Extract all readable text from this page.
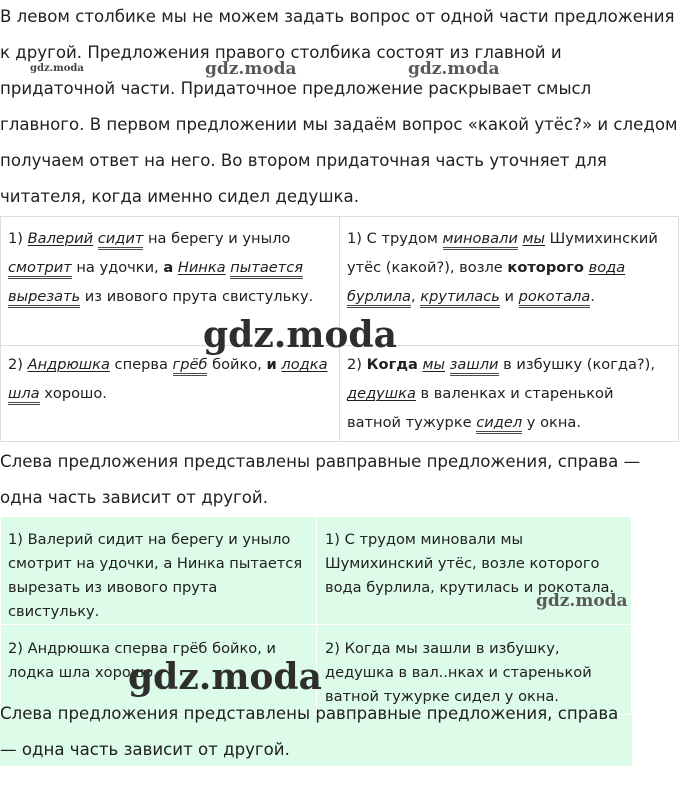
В левом столбике мы не можем задать вопрос от одной части предложения к другой. Предложения правого столбика состоят из главной и придаточной части. Придаточное предложение раскрывает смысл главного. В первом предложении мы задаём вопрос «какой утёс?» и следом получаем ответ на него. Во втором придаточная часть уточняет для читателя, когда именно сидел дедушка.

1) Валерий сидит на берегу и уныло смотрит на удочки, а Нинка пытается вырезать из ивового прута свистульку.	1) С трудом миновали мы Шумихинский утёс (какой?), возле которого вода бурлила, крутилась и рокотала.
2) Андрюшка сперва грёб бойко, и лодка шла хорошо.	2) Когда мы зашли в избушку (когда?), дедушка в валенках и старенькой ватной тужурке сидел у окна.

Слева предложения представлены равправные предложения, справа — одна часть зависит от другой.

1) Валерий сидит на берегу и уныло смотрит на удочки, а Нинка пытается вырезать из ивового прута свистульку.	1) С трудом миновали мы Шумихинский утёс, возле которого вода бурлила, крутилась и рокотала.
2) Андрюшка сперва грёб бойко, и лодка шла хорошо.	2) Когда мы зашли в избушку, дедушка в вал..нках и старенькой ватной тужурке сидел у окна.

Слева предложения представлены равправные предложения, справа — одна часть зависит от другой.

gdz.moda	gdz.moda	gdz.moda
gdz.moda
gdz.moda
gdz.moda
